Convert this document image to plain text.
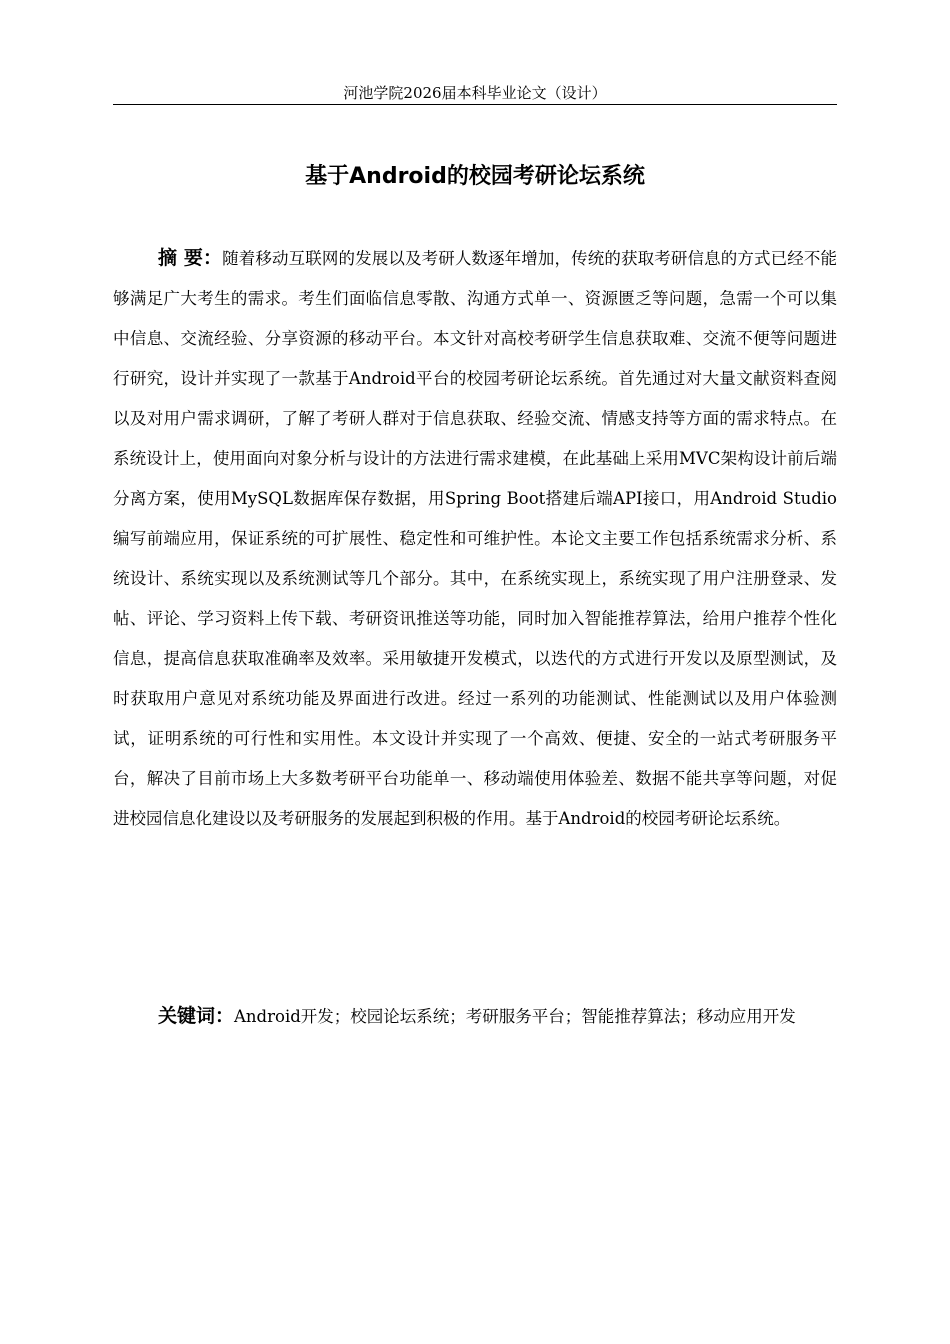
河池学院2026届本科毕业论文（设计）
基于Android的校园考研论坛系统

摘 要：随着移动互联网的发展以及考研人数逐年增加，传统的获取考研信息的方式已经不能够满足广大考生的需求。考生们面临信息零散、沟通方式单一、资源匮乏等问题，急需一个可以集中信息、交流经验、分享资源的移动平台。本文针对高校考研学生信息获取难、交流不便等问题进行研究，设计并实现了一款基于Android平台的校园考研论坛系统。首先通过对大量文献资料查阅以及对用户需求调研，了解了考研人群对于信息获取、经验交流、情感支持等方面的需求特点。在系统设计上，使用面向对象分析与设计的方法进行需求建模，在此基础上采用MVC架构设计前后端分离方案，使用MySQL数据库保存数据，用Spring Boot搭建后端API接口，用Android Studio编写前端应用，保证系统的可扩展性、稳定性和可维护性。本论文主要工作包括系统需求分析、系统设计、系统实现以及系统测试等几个部分。其中，在系统实现上，系统实现了用户注册登录、发帖、评论、学习资料上传下载、考研资讯推送等功能，同时加入智能推荐算法，给用户推荐个性化信息，提高信息获取准确率及效率。采用敏捷开发模式，以迭代的方式进行开发以及原型测试，及时获取用户意见对系统功能及界面进行改进。经过一系列的功能测试、性能测试以及用户体验测试，证明系统的可行性和实用性。本文设计并实现了一个高效、便捷、安全的一站式考研服务平台，解决了目前市场上大多数考研平台功能单一、移动端使用体验差、数据不能共享等问题，对促进校园信息化建设以及考研服务的发展起到积极的作用。基于Android的校园考研论坛系统。

关键词：Android开发；校园论坛系统；考研服务平台；智能推荐算法；移动应用开发
